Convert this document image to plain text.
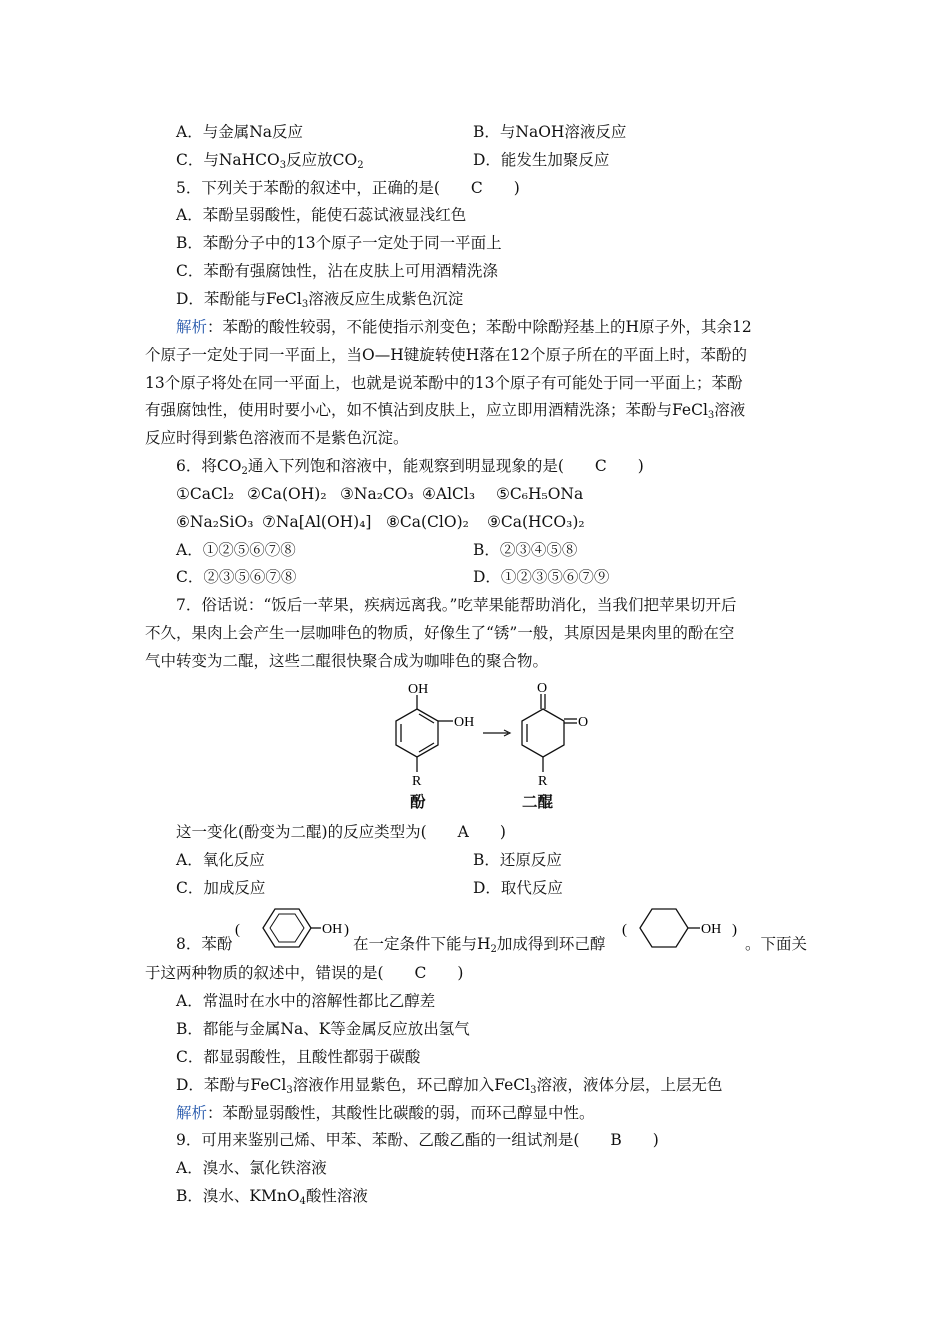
A．与金属Na反应	B．与NaOH溶液反应
C．与NaHCO$_3$反应放$CO_2$	D．能发生加聚反应
5．下列关于苯酚的叙述中，正确的是(　　C　　)
A．苯酚呈弱酸性，能使石蕊试液显浅红色
B．苯酚分子中的13个原子一定处于同一平面上
C．苯酚有强腐蚀性，沾在皮肤上可用酒精洗涤
D．苯酚能与FeCl$_3$溶液反应生成紫色沉淀
解析：苯酚的酸性较弱，不能使指示剂变色；苯酚中除酚羟基上的H原子外，其余12
个原子一定处于同一平面上，当O—H键旋转使H落在12个原子所在的平面上时，苯酚的
13个原子将处在同一平面上，也就是说苯酚中的13个原子有可能处于同一平面上；苯酚
有强腐蚀性，使用时要小心，如不慎沾到皮肤上，应立即用酒精洗涤；苯酚与FeCl$_3$溶液
反应时得到紫色溶液而不是紫色沉淀。
6．将$CO_2$通入下列饱和溶液中，能观察到明显现象的是(　　C　　)
①CaCl₂ ②Ca(OH)₂ ③Na₂CO₃ ④AlCl₃ ⑤C₆H₅ONa
⑥Na₂SiO₃ ⑦Na[Al(OH)₄] ⑧Ca(ClO)₂ ⑨Ca(HCO₃)₂
A．①②⑤⑥⑦⑧	B．②③④⑤⑧
C．②③⑤⑥⑦⑧	D．①②③⑤⑥⑦⑨
7．俗话说：“饭后一苹果，疾病远离我。”吃苹果能帮助消化，当我们把苹果切开后
不久，果肉上会产生一层咖啡色的物质，好像生了“锈”一般，其原因是果肉里的酚在空
气中转变为二醌，这些二醌很快聚合成为咖啡色的聚合物。
OH
OH
R
O
O
R
酚	二醌
这一变化(酚变为二醌)的反应类型为(　　A　　)
A．氧化反应	B．还原反应
C．加成反应	D．取代反应
(	OH )	(	OH )
8．苯酚	在一定条件下能与$H_2$加成得到环己醇	。下面关
于这两种物质的叙述中，错误的是(　　C　　)
A．常温时在水中的溶解性都比乙醇差
B．都能与金属Na、K等金属反应放出氢气
C．都显弱酸性，且酸性都弱于碳酸
D．苯酚与FeCl$_3$溶液作用显紫色，环己醇加入FeCl$_3$溶液，液体分层，上层无色
解析：苯酚显弱酸性，其酸性比碳酸的弱，而环己醇显中性。
9．可用来鉴别己烯、甲苯、苯酚、乙酸乙酯的一组试剂是(　　B　　)
A．溴水、氯化铁溶液
B．溴水、KMnO$_4$酸性溶液
